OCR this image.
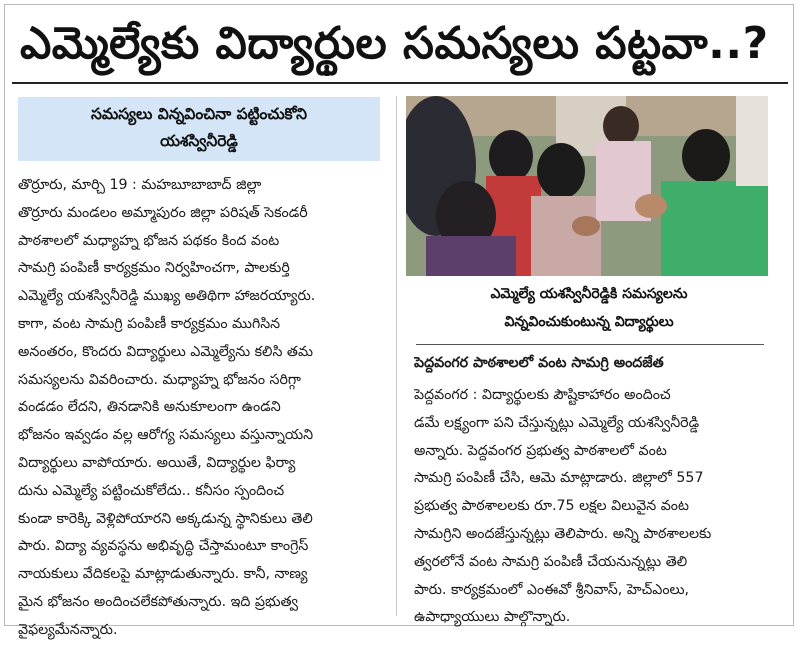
ఎమ్మెల్యేకు విద్యార్థుల సమస్యలు పట్టవా..?
సమస్యలు విన్నవించినా పట్టించుకోని
యశస్వినీరెడ్డి
తొర్రూరు, మార్చి 19 : మహబూబాబాద్ జిల్లా
తొర్రూరు మండలం అమ్మాపురం జిల్లా పరిషత్ సెకండరీ
పాఠశాలలో మధ్యాహ్న భోజన పథకం కింద వంట
సామగ్రి పంపిణీ కార్యక్రమం నిర్వహించగా, పాలకుర్తి
ఎమ్మెల్యే యశస్వినీరెడ్డి ముఖ్య అతిథిగా హాజరయ్యారు.
కాగా, వంట సామగ్రి పంపిణీ కార్యక్రమం ముగిసిన
అనంతరం, కొందరు విద్యార్థులు ఎమ్మెల్యేను కలిసి తమ
సమస్యలను వివరించారు. మధ్యాహ్న భోజనం సరిగ్గా
వండడం లేదని, తినడానికి అనుకూలంగా ఉండని
భోజనం ఇవ్వడం వల్ల ఆరోగ్య సమస్యలు వస్తున్నాయని
విద్యార్థులు వాపోయారు. అయితే, విద్యార్థుల ఫిర్యా
దును ఎమ్మెల్యే పట్టించుకోలేదు.. కనీసం స్పందించ
కుండా కారెక్కి వెళ్లిపోయారని అక్కడున్న స్థానికులు తెలి
పారు. విద్యా వ్యవస్థను అభివృద్ధి చేస్తామంటూ కాంగ్రెస్
నాయకులు వేదికలపై మాట్లాడుతున్నారు. కానీ, నాణ్య
మైన భోజనం అందించలేకపోతున్నారు. ఇది ప్రభుత్వ
వైఫల్యమేనన్నారు.
ఎమ్మెల్యే యశస్వినీరెడ్డికి సమస్యలను
విన్నవించుకుంటున్న విద్యార్థులు
పెద్దవంగర పాఠశాలలో వంట సామగ్రి అందజేత
పెద్దవంగర : విద్యార్థులకు పౌష్టికాహారం అందించ
డమే లక్ష్యంగా పని చేస్తున్నట్లు ఎమ్మెల్యే యశస్వినీరెడ్డి
అన్నారు. పెద్దవంగర ప్రభుత్వ పాఠశాలలో వంట
సామగ్రి పంపిణీ చేసి, ఆమె మాట్లాడారు. జిల్లాలో 557
ప్రభుత్వ పాఠశాలలకు రూ.75 లక్షల విలువైన వంట
సామగ్రిని అందజేస్తున్నట్లు తెలిపారు. అన్ని పాఠశాలలకు
త్వరలోనే వంట సామగ్రి పంపిణీ చేయనున్నట్లు తెలి
పారు. కార్యక్రమంలో ఎంఈవో శ్రీనివాస్, హెచ్ఎంలు,
ఉపాధ్యాయులు పాల్గొన్నారు.
